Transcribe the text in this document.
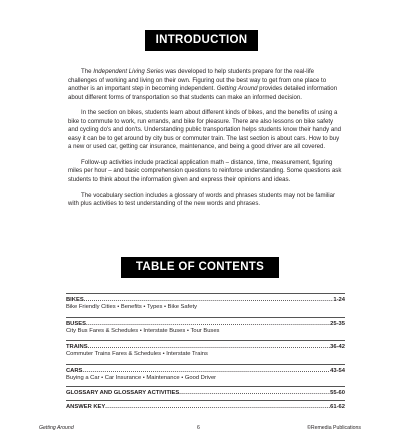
INTRODUCTION

The Independent Living Series was developed to help students prepare for the real-life challenges of working and living on their own. Figuring out the best way to get from one place to another is an important step in becoming independent. Getting Around provides detailed information about different forms of transportation so that students can make an informed decision.

In the section on bikes, students learn about different kinds of bikes, and the benefits of using a bike to commute to work, run errands, and bike for pleasure. There are also lessons on bike safety and cycling do's and don'ts. Understanding public transportation helps students know their handy and easy it can be to get around by city bus or commuter train. The last section is about cars. How to buy a new or used car, getting car insurance, maintenance, and being a good driver are all covered.

Follow-up activities include practical application math – distance, time, measurement, figuring miles per hour – and basic comprehension questions to reinforce understanding. Some questions ask students to think about the information given and express their opinions and ideas.

The vocabulary section includes a glossary of words and phrases students may not be familiar with plus activities to test understanding of the new words and phrases.

TABLE OF CONTENTS
BIKES .....	1-24
Bike Friendly Cities • Benefits • Types • Bike Safety
BUSES .....	25-35
City Bus Fares & Schedules • Interstate Buses • Tour Buses
TRAINS .....	36-42
Commuter Trains Fares & Schedules • Interstate Trains
CARS .....	43-54
Buying a Car • Car Insurance • Maintenance • Good Driver
GLOSSARY AND GLOSSARY ACTIVITIES .....	55-60
ANSWER KEY .....	61-62
Getting Around	6	©Remedia Publications
